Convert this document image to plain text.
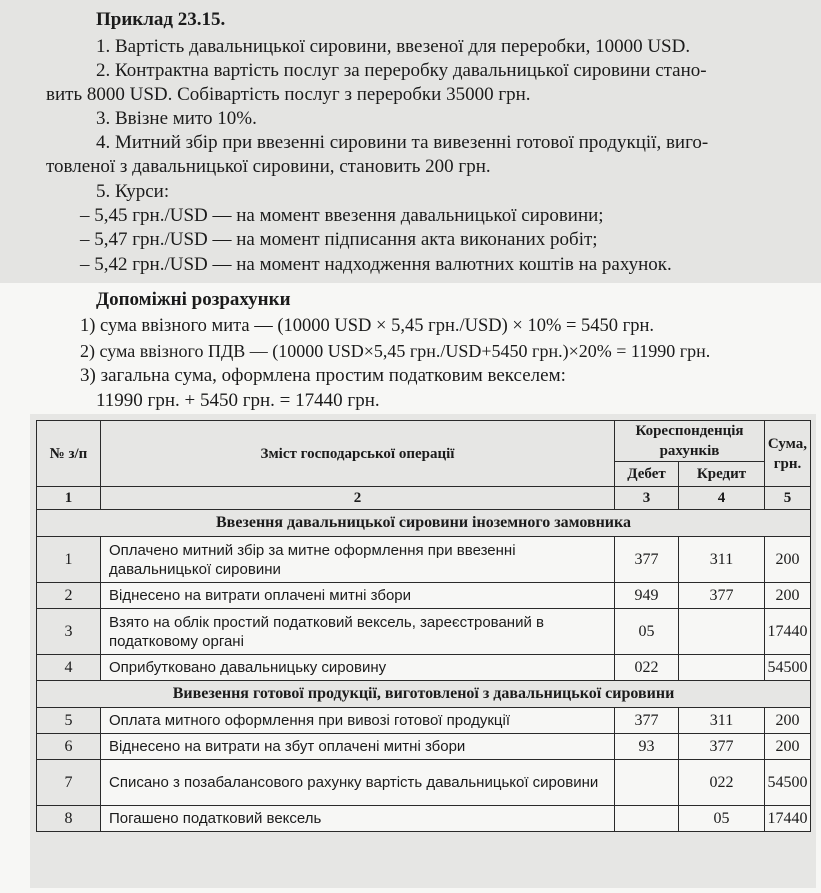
Приклад 23.15.
1. Вартість давальницької сировини, ввезеної для переробки, 10000 USD.
2. Контрактна вартість послуг за переробку давальницької сировини стано-
вить 8000 USD. Собівартість послуг з переробки 35000 грн.
3. Ввізне мито 10%.
4. Митний збір при ввезенні сировини та вивезенні готової продукції, виго-
товленої з давальницької сировини, становить 200 грн.
5. Курси:
– 5,45 грн./USD — на момент ввезення давальницької сировини;
– 5,47 грн./USD — на момент підписання акта виконаних робіт;
– 5,42 грн./USD — на момент надходження валютних коштів на рахунок.
Допоміжні розрахунки
1) сума ввізного мита — (10000 USD × 5,45 грн./USD) × 10% = 5450 грн.
2) сума ввізного ПДВ — (10000 USD×5,45 грн./USD+5450 грн.)×20% = 11990 грн.
3) загальна сума, оформлена простим податковим векселем:
11990 грн. + 5450 грн. = 17440 грн.
№ з/п	Зміст господарської операції	Кореспонденція рахунків		Сума, грн.
		Дебет	Кредит	
1	2	3	4	5
Ввезення давальницької сировини іноземного замовника				
1	Оплачено митний збір за митне оформлення при ввезенні давальницької сировини	377	311	200
2	Віднесено на витрати оплачені митні збори	949	377	200
3	Взято на облік простий податковий вексель, зареєстрований в податковому органі	05		17440
4	Оприбутковано давальницьку сировину	022		54500
Вивезення готової продукції, виготовленої з давальницької сировини				
5	Оплата митного оформлення при вивозі готової продукції	377	311	200
6	Віднесено на витрати на збут оплачені митні збори	93	377	200
7	Списано з позабалансового рахунку вартість давальницької сировини		022	54500
8	Погашено податковий вексель		05	17440
